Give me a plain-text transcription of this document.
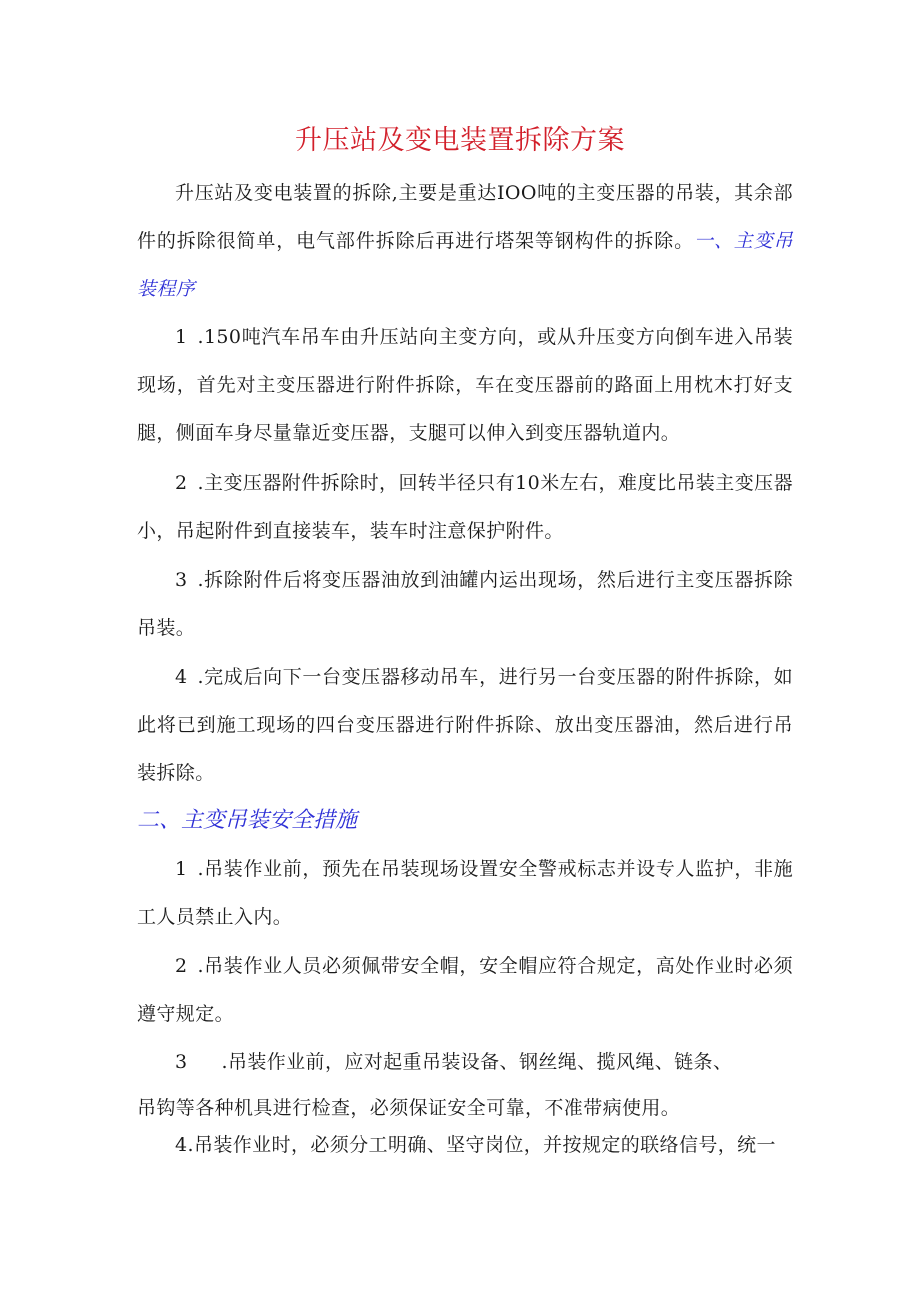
升压站及变电装置拆除方案
升压站及变电装置的拆除,主要是重达IOO吨的主变压器的吊装，其余部件的拆除很简单，电气部件拆除后再进行塔架等钢构件的拆除。一、主变吊装程序
1 .150吨汽车吊车由升压站向主变方向，或从升压变方向倒车进入吊装现场，首先对主变压器进行附件拆除，车在变压器前的路面上用枕木打好支腿，侧面车身尽量靠近变压器，支腿可以伸入到变压器轨道内。
2 .主变压器附件拆除时，回转半径只有10米左右，难度比吊装主变压器小，吊起附件到直接装车，装车时注意保护附件。
3 .拆除附件后将变压器油放到油罐内运出现场，然后进行主变压器拆除吊装。
4 .完成后向下一台变压器移动吊车，进行另一台变压器的附件拆除，如此将已到施工现场的四台变压器进行附件拆除、放出变压器油，然后进行吊装拆除。
二、主变吊装安全措施
1 .吊装作业前，预先在吊装现场设置安全警戒标志并设专人监护，非施工人员禁止入内。
2 .吊装作业人员必须佩带安全帽，安全帽应符合规定，高处作业时必须遵守规定。
3 .吊装作业前，应对起重吊装设备、钢丝绳、揽风绳、链条、
吊钩等各种机具进行检查，必须保证安全可靠，不准带病使用。
4.吊装作业时，必须分工明确、坚守岗位，并按规定的联络信号，统一
